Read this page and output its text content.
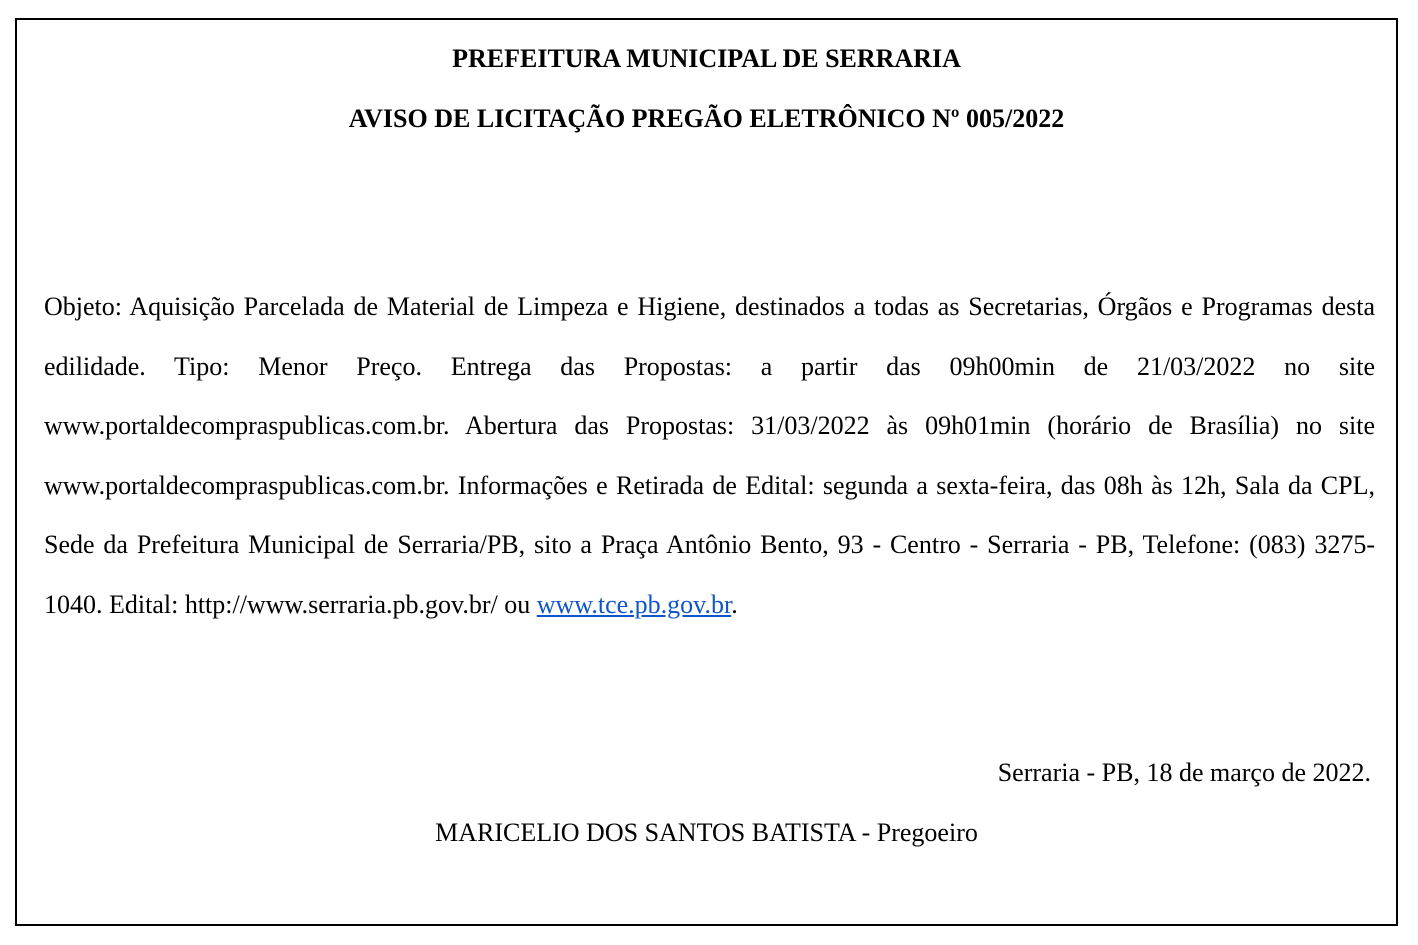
PREFEITURA MUNICIPAL DE SERRARIA
AVISO DE LICITAÇÃO PREGÃO ELETRÔNICO Nº 005/2022
Objeto: Aquisição Parcelada de Material de Limpeza e Higiene, destinados a todas as Secretarias, Órgãos e Programas desta edilidade. Tipo: Menor Preço. Entrega das Propostas: a partir das 09h00min de 21/03/2022 no site www.portaldecompraspublicas.com.br. Abertura das Propostas: 31/03/2022 às 09h01min (horário de Brasília) no site www.portaldecompraspublicas.com.br. Informações e Retirada de Edital: segunda a sexta-feira, das 08h às 12h, Sala da CPL, Sede da Prefeitura Municipal de Serraria/PB, sito a Praça Antônio Bento, 93 - Centro - Serraria - PB, Telefone: (083) 3275-1040. Edital: http://www.serraria.pb.gov.br/ ou www.tce.pb.gov.br.
Serraria - PB, 18 de março de 2022.
MARICELIO DOS SANTOS BATISTA - Pregoeiro
